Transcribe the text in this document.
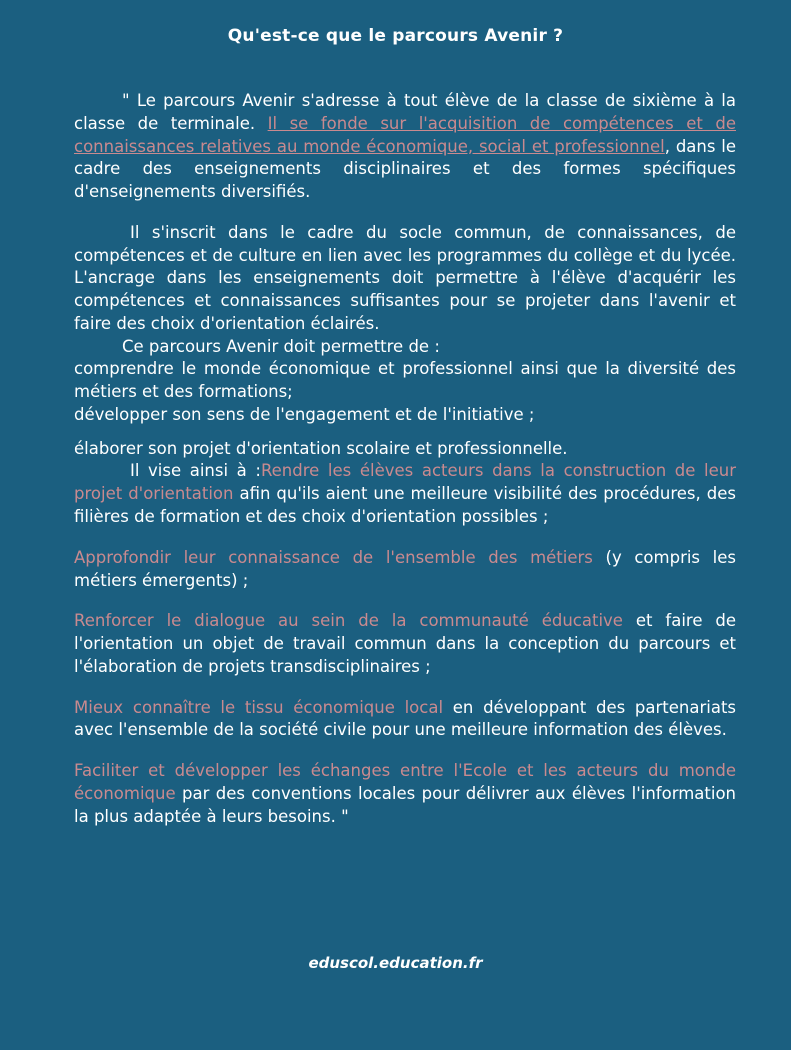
Qu'est-ce que le parcours Avenir ?

" Le parcours Avenir s'adresse à tout élève de la classe de sixième à la classe de terminale. Il se fonde sur l'acquisition de compétences et de connaissances relatives au monde économique, social et professionnel, dans le cadre des enseignements disciplinaires et des formes spécifiques d'enseignements diversifiés.

Il s'inscrit dans le cadre du socle commun, de connaissances, de compétences et de culture en lien avec les programmes du collège et du lycée. L'ancrage dans les enseignements doit permettre à l'élève d'acquérir les compétences et connaissances suffisantes pour se projeter dans l'avenir et faire des choix d'orientation éclairés.

Ce parcours Avenir doit permettre de :

comprendre le monde économique et professionnel ainsi que la diversité des métiers et des formations;

développer son sens de l'engagement et de l'initiative ;

élaborer son projet d'orientation scolaire et professionnelle.

Il vise ainsi à :Rendre les élèves acteurs dans la construction de leur projet d'orientation afin qu'ils aient une meilleure visibilité des procédures, des filières de formation et des choix d'orientation possibles ;

Approfondir leur connaissance de l'ensemble des métiers (y compris les métiers émergents) ;

Renforcer le dialogue au sein de la communauté éducative et faire de l'orientation un objet de travail commun dans la conception du parcours et l'élaboration de projets transdisciplinaires ;

Mieux connaître le tissu économique local en développant des partenariats avec l'ensemble de la société civile pour une meilleure information des élèves.

Faciliter et développer les échanges entre l'Ecole et les acteurs du monde économique par des conventions locales pour délivrer aux élèves l'information la plus adaptée à leurs besoins. "

eduscol.education.fr
